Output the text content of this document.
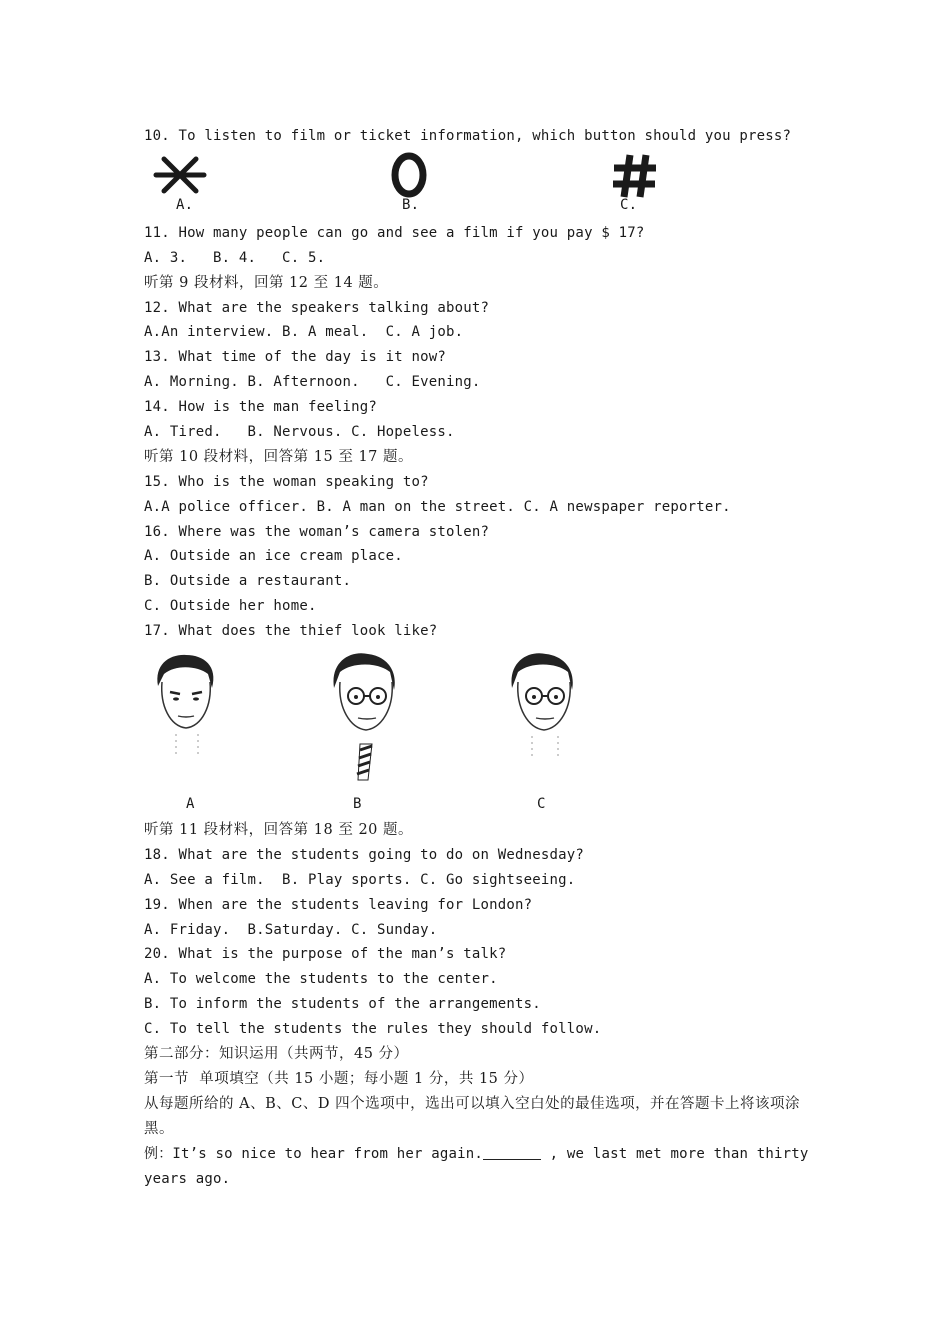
10. To listen to film or ticket information, which button should you press?
A.	B.	C.
11. How many people can go and see a film if you pay $ 17?
A. 3.   B. 4.   C. 5.
听第 9 段材料，回第 12 至 14 题。
12. What are the speakers talking about?
A.An interview. B. A meal.  C. A job.
13. What time of the day is it now?
A. Morning. B. Afternoon.   C. Evening.
14. How is the man feeling?
A. Tired.   B. Nervous. C. Hopeless.
听第 10 段材料，回答第 15 至 17 题。
15. Who is the woman speaking to?
A.A police officer. B. A man on the street. C. A newspaper reporter.
16. Where was the woman’s camera stolen?
A. Outside an ice cream place.
B. Outside a restaurant.
C. Outside her home.
17. What does the thief look like?
A	B	C
听第 11 段材料，回答第 18 至 20 题。
18. What are the students going to do on Wednesday?
A. See a film.  B. Play sports. C. Go sightseeing.
19. When are the students leaving for London?
A. Friday.  B.Saturday. C. Sunday.
20. What is the purpose of the man’s talk?
A. To welcome the students to the center.
B. To inform the students of the arrangements.
C. To tell the students the rules they should follow.
第二部分：知识运用（共两节，45 分）
第一节  单项填空（共 15 小题；每小题 1 分，共 15 分）
从每题所给的 A、B、C、D 四个选项中，选出可以填入空白处的最佳选项，并在答题卡上将该项涂黑。
例：It’s so nice to hear from her again.	, we last met more than thirty years ago.
